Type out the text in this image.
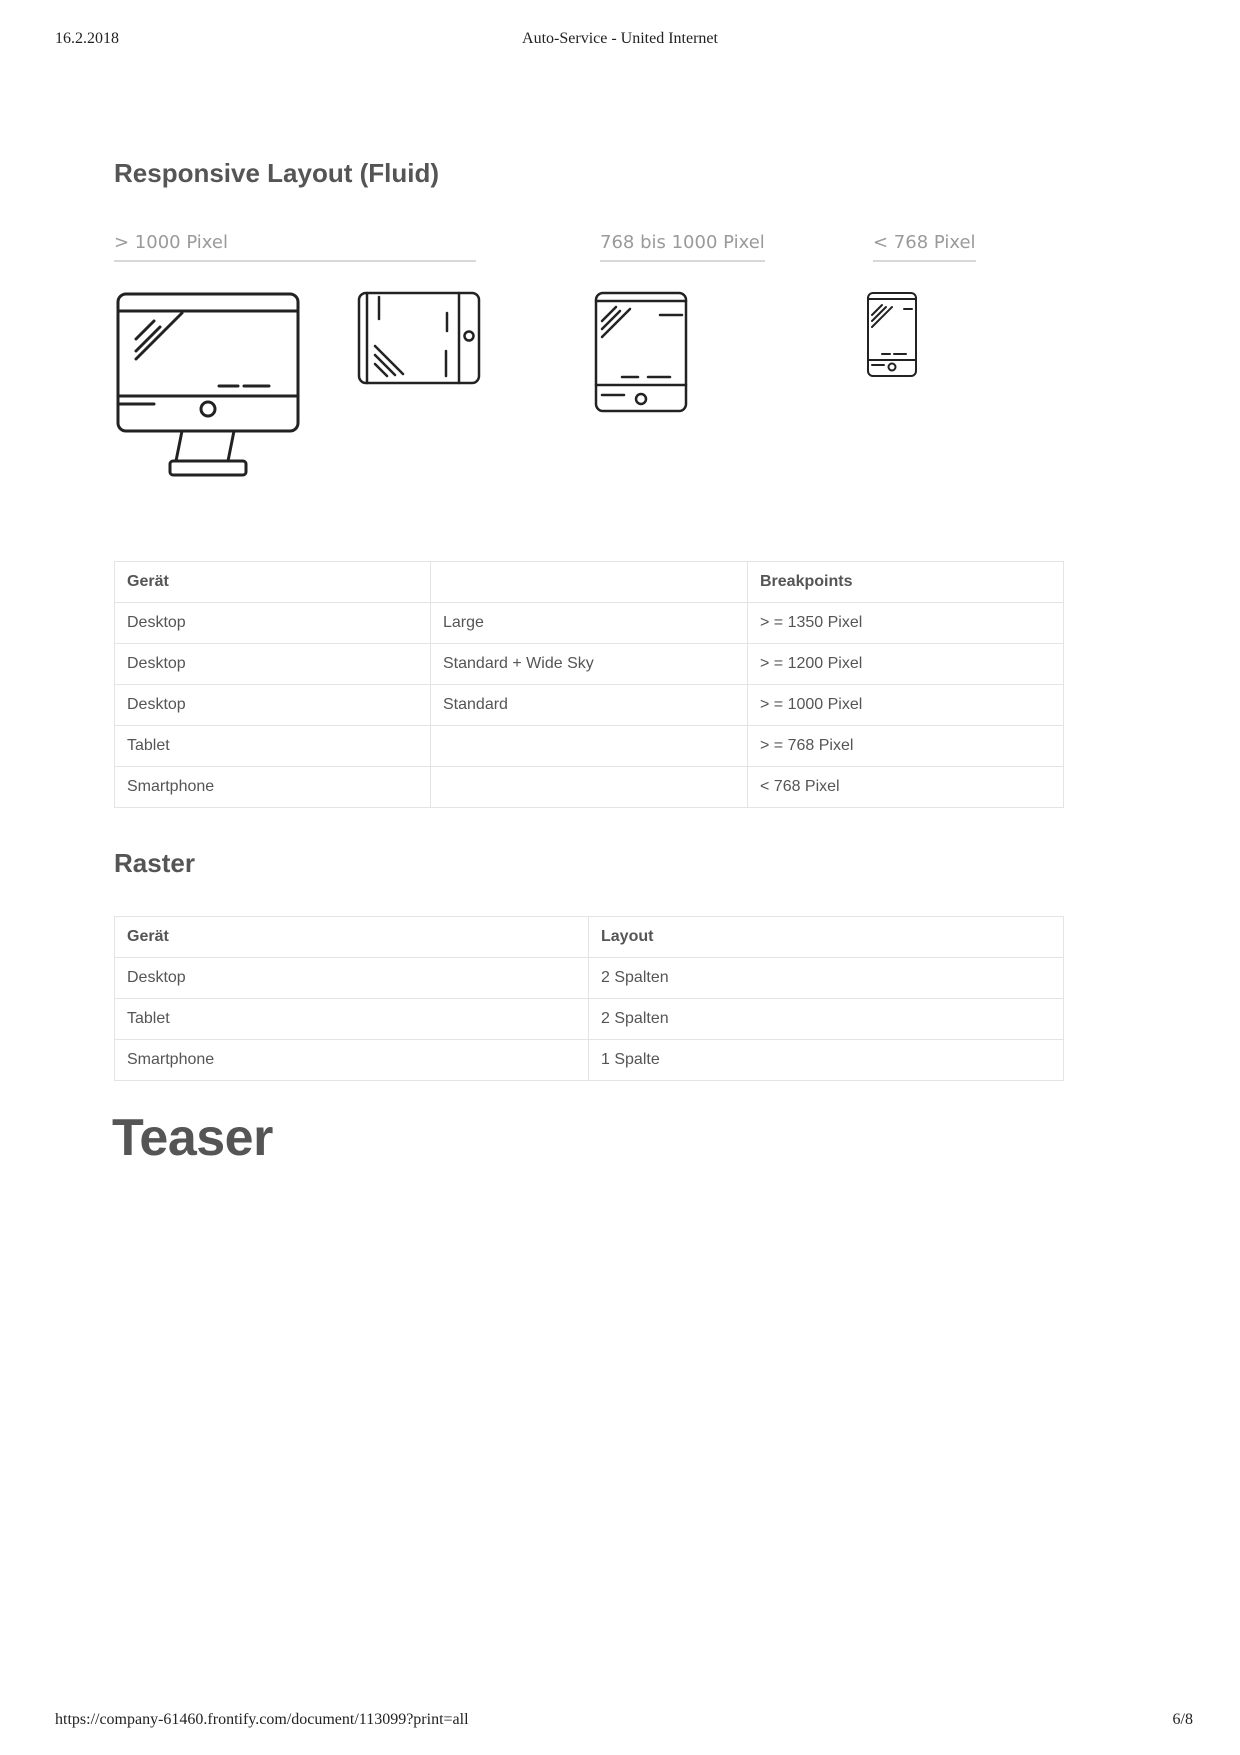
16.2.2018	Auto-Service - United Internet
Responsive Layout (Fluid)
> 1000 Pixel	768 bis 1000 Pixel	< 768 Pixel
Gerät		Breakpoints
Desktop	Large	> = 1350 Pixel
Desktop	Standard + Wide Sky	> = 1200 Pixel
Desktop	Standard	> = 1000 Pixel
Tablet		> = 768 Pixel
Smartphone		< 768 Pixel
Raster
Gerät	Layout
Desktop	2 Spalten
Tablet	2 Spalten
Smartphone	1 Spalte
Teaser
https://company-61460.frontify.com/document/113099?print=all	6/8
